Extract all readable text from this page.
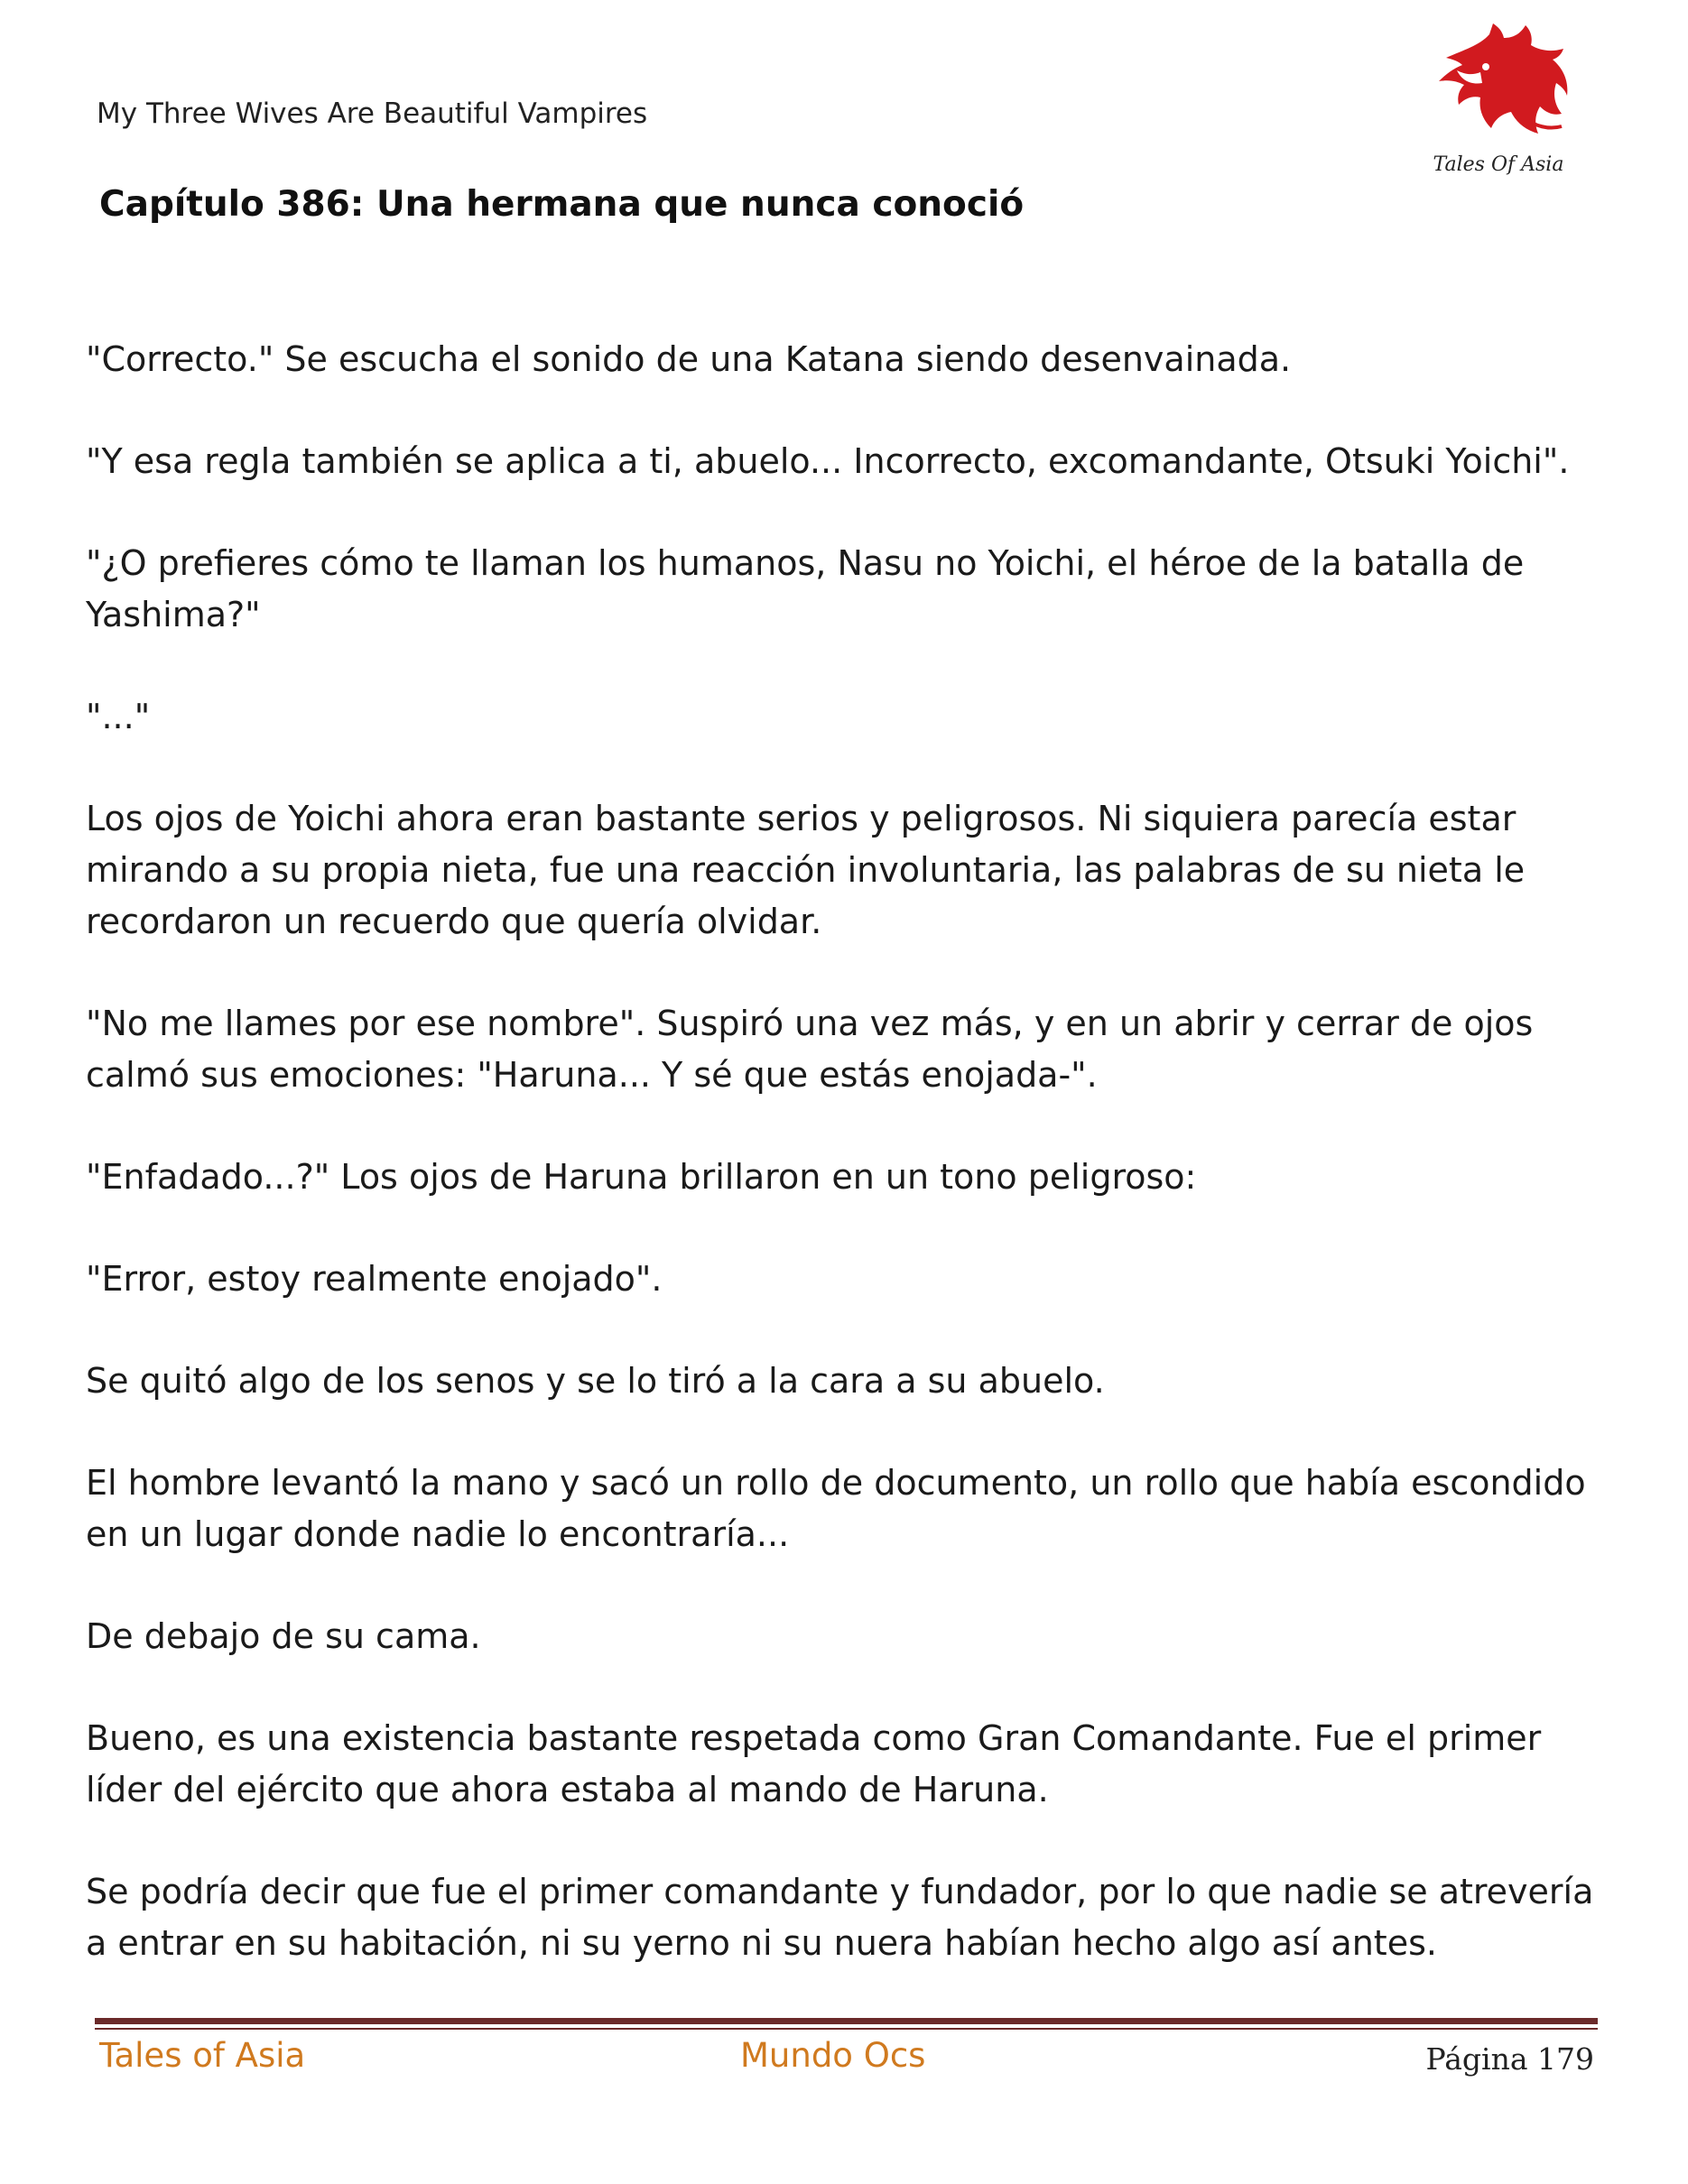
My Three Wives Are Beautiful Vampires
Capítulo 386: Una hermana que nunca conoció
Tales Of Asia

"Correcto." Se escucha el sonido de una Katana siendo desenvainada.

"Y esa regla también se aplica a ti, abuelo... Incorrecto, excomandante, Otsuki Yoichi".

"¿O prefieres cómo te llaman los humanos, Nasu no Yoichi, el héroe de la batalla de Yashima?"

"..."

Los ojos de Yoichi ahora eran bastante serios y peligrosos. Ni siquiera parecía estar mirando a su propia nieta, fue una reacción involuntaria, las palabras de su nieta le recordaron un recuerdo que quería olvidar.

"No me llames por ese nombre". Suspiró una vez más, y en un abrir y cerrar de ojos calmó sus emociones: "Haruna... Y sé que estás enojada-".

"Enfadado...?" Los ojos de Haruna brillaron en un tono peligroso:

"Error, estoy realmente enojado".

Se quitó algo de los senos y se lo tiró a la cara a su abuelo.

El hombre levantó la mano y sacó un rollo de documento, un rollo que había escondido en un lugar donde nadie lo encontraría...

De debajo de su cama.

Bueno, es una existencia bastante respetada como Gran Comandante. Fue el primer líder del ejército que ahora estaba al mando de Haruna.

Se podría decir que fue el primer comandante y fundador, por lo que nadie se atrevería a entrar en su habitación, ni su yerno ni su nuera habían hecho algo así antes.

Tales of Asia	Mundo Ocs	Página 179
